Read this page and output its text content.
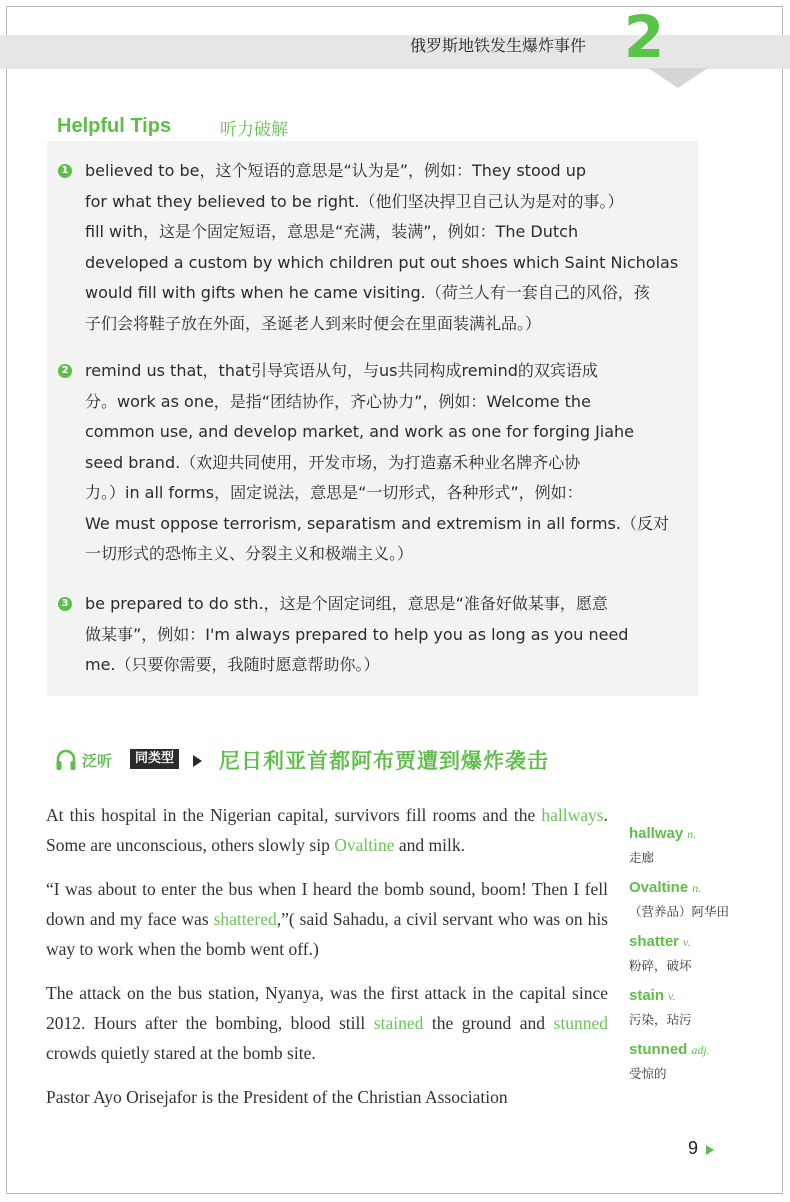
俄罗斯地铁发生爆炸事件 2
Helpful Tips	听力破解
1 believed to be，这个短语的意思是“认为是”，例如：They stood up
for what they believed to be right.（他们坚决捍卫自己认为是对的事。）
fill with，这是个固定短语，意思是“充满，装满”，例如：The Dutch
developed a custom by which children put out shoes which Saint Nicholas
would fill with gifts when he came visiting.（荷兰人有一套自己的风俗，孩
子们会将鞋子放在外面，圣诞老人到来时便会在里面装满礼品。）
2 remind us that，that引导宾语从句，与us共同构成remind的双宾语成
分。work as one，是指“团结协作，齐心协力”，例如：Welcome the
common use, and develop market, and work as one for forging Jiahe
seed brand.（欢迎共同使用，开发市场，为打造嘉禾种业名牌齐心协
力。）in all forms，固定说法，意思是“一切形式，各种形式”，例如：
We must oppose terrorism, separatism and extremism in all forms.（反对
一切形式的恐怖主义、分裂主义和极端主义。）
3 be prepared to do sth.，这是个固定词组，意思是“准备好做某事，愿意
做某事”，例如：I'm always prepared to help you as long as you need
me.（只要你需要，我随时愿意帮助你。）
泛听	同类型 尼日利亚首都阿布贾遭到爆炸袭击
At this hospital in the Nigerian capital, survivors fill rooms and the hallways. Some are unconscious, others slowly sip Ovaltine and milk.
“I was about to enter the bus when I heard the bomb sound, boom! Then I fell down and my face was shattered,”( said Sahadu, a civil servant who was on his way to work when the bomb went off.)
The attack on the bus station, Nyanya, was the first attack in the capital since 2012. Hours after the bombing, blood still stained the ground and stunned crowds quietly stared at the bomb site.
Pastor Ayo Orisejafor is the President of the Christian Association
hallway n.
走廊
Ovaltine n.
（营养品）阿华田
shatter v.
粉碎，破坏
stain v.
污染，玷污
stunned adj.
受惊的
9
